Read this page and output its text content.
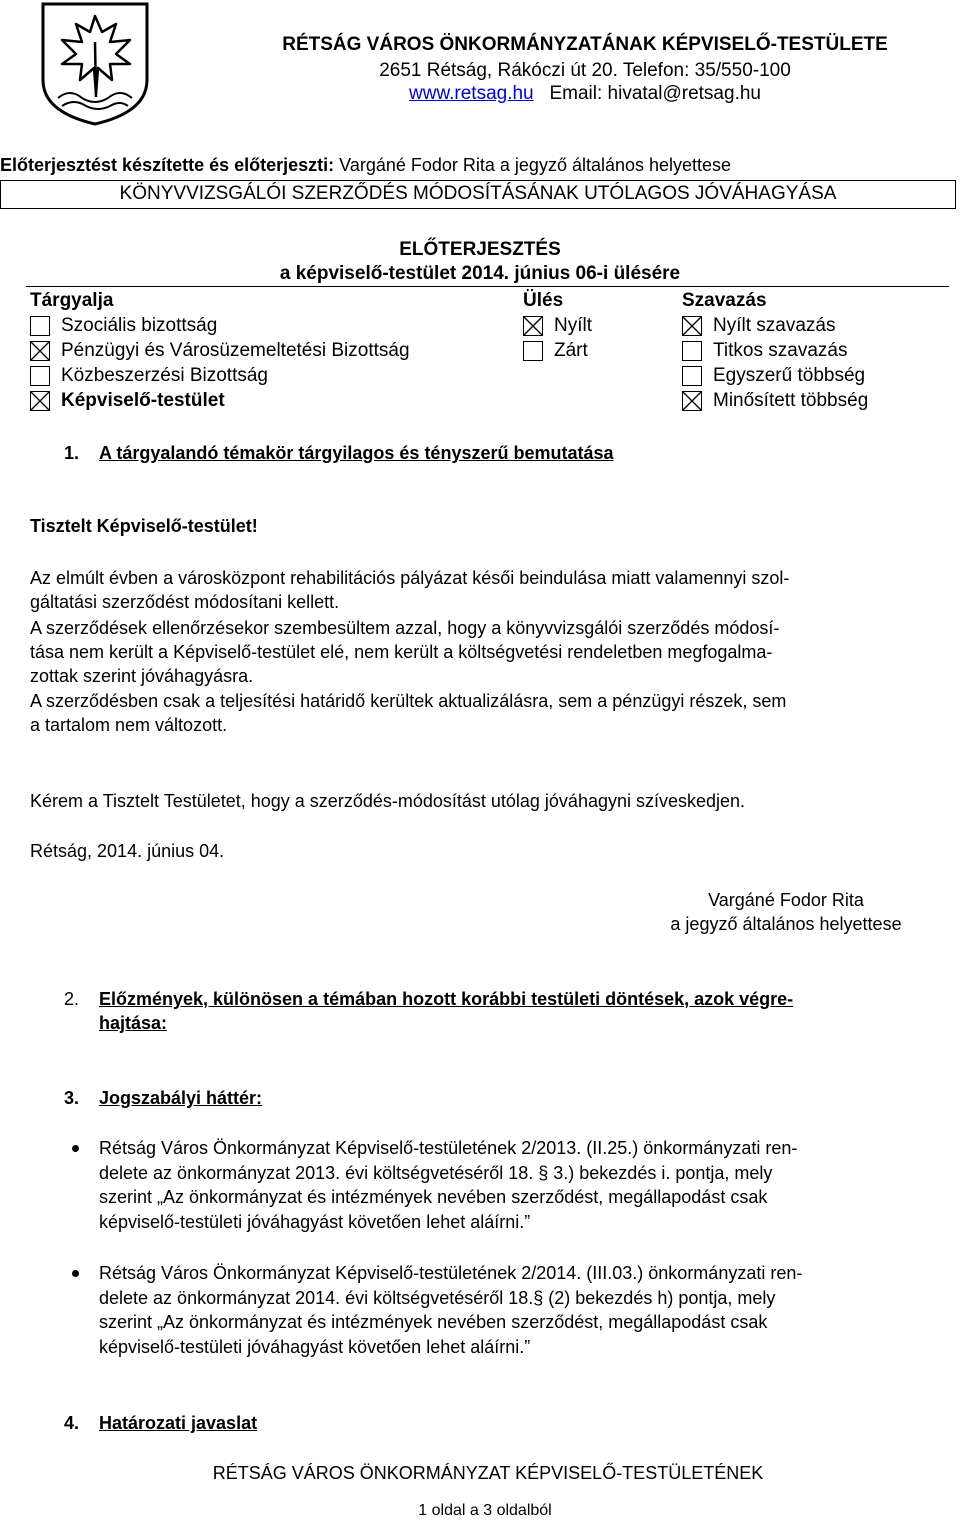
RÉTSÁG VÁROS ÖNKORMÁNYZATÁNAK KÉPVISELŐ-TESTÜLETE
2651 Rétság, Rákóczi út 20. Telefon: 35/550-100
www.retsag.hu Email: hivatal@retsag.hu
Előterjesztést készítette és előterjeszti: Vargáné Fodor Rita a jegyző általános helyettese
KÖNYVVIZSGÁLÓI SZERZŐDÉS MÓDOSÍTÁSÁNAK UTÓLAGOS JÓVÁHAGYÁSA
ELŐTERJESZTÉS
a képviselő-testület 2014. június 06-i ülésére
Tárgyalja	Ülés	Szavazás
Szociális bizottság
Pénzügyi és Városüzemeltetési Bizottság
Közbeszerzési Bizottság
Képviselő-testület
Nyílt
Zárt
Nyílt szavazás
Titkos szavazás
Egyszerű többség
Minősített többség
1. A tárgyalandó témakör tárgyilagos és tényszerű bemutatása
Tisztelt Képviselő-testület!
Az elmúlt évben a városközpont rehabilitációs pályázat késői beindulása miatt valamennyi szol-
gáltatási szerződést módosítani kellett.
A szerződések ellenőrzésekor szembesültem azzal, hogy a könyvvizsgálói szerződés módosí-
tása nem került a Képviselő-testület elé, nem került a költségvetési rendeletben megfogalma-
zottak szerint jóváhagyásra.
A szerződésben csak a teljesítési határidő kerültek aktualizálásra, sem a pénzügyi részek, sem
a tartalom nem változott.
Kérem a Tisztelt Testületet, hogy a szerződés-módosítást utólag jóváhagyni szíveskedjen.
Rétság, 2014. június 04.
Vargáné Fodor Rita
a jegyző általános helyettese
2. Előzmények, különösen a témában hozott korábbi testületi döntések, azok végre-
hajtása:
3. Jogszabályi háttér:
Rétság Város Önkormányzat Képviselő-testületének 2/2013. (II.25.) önkormányzati ren-
delete az önkormányzat 2013. évi költségvetéséről 18. § 3.) bekezdés i. pontja, mely
szerint „Az önkormányzat és intézmények nevében szerződést, megállapodást csak
képviselő-testületi jóváhagyást követően lehet aláírni.”
Rétság Város Önkormányzat Képviselő-testületének 2/2014. (III.03.) önkormányzati ren-
delete az önkormányzat 2014. évi költségvetéséről 18.§ (2) bekezdés h) pontja, mely
szerint „Az önkormányzat és intézmények nevében szerződést, megállapodást csak
képviselő-testületi jóváhagyást követően lehet aláírni.”
4. Határozati javaslat
RÉTSÁG VÁROS ÖNKORMÁNYZAT KÉPVISELŐ-TESTÜLETÉNEK
1 oldal a 3 oldalból
